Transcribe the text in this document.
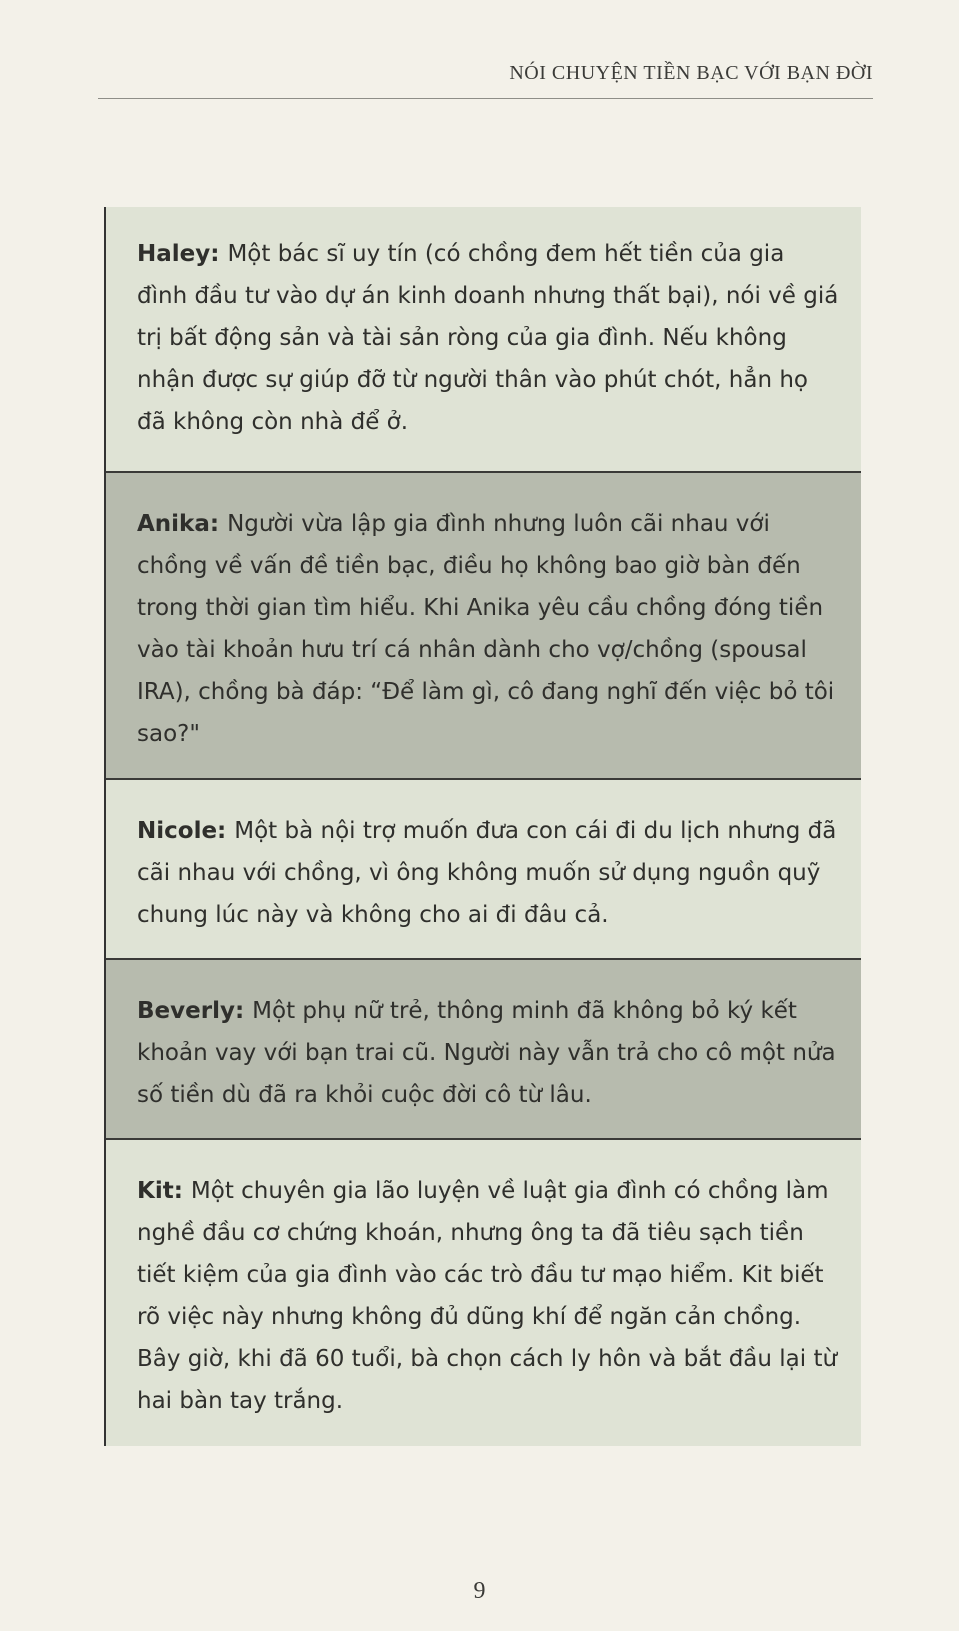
NÓI CHUYỆN TIỀN BẠC VỚI BẠN ĐỜI
Haley: Một bác sĩ uy tín (có chồng đem hết tiền của gia đình đầu tư vào dự án kinh doanh nhưng thất bại), nói về giá trị bất động sản và tài sản ròng của gia đình. Nếu không nhận được sự giúp đỡ từ người thân vào phút chót, hẳn họ đã không còn nhà để ở.
Anika: Người vừa lập gia đình nhưng luôn cãi nhau với chồng về vấn đề tiền bạc, điều họ không bao giờ bàn đến trong thời gian tìm hiểu. Khi Anika yêu cầu chồng đóng tiền vào tài khoản hưu trí cá nhân dành cho vợ/chồng (spousal IRA), chồng bà đáp: “Để làm gì, cô đang nghĩ đến việc bỏ tôi sao?"
Nicole: Một bà nội trợ muốn đưa con cái đi du lịch nhưng đã cãi nhau với chồng, vì ông không muốn sử dụng nguồn quỹ chung lúc này và không cho ai đi đâu cả.
Beverly: Một phụ nữ trẻ, thông minh đã không bỏ ký kết khoản vay với bạn trai cũ. Người này vẫn trả cho cô một nửa số tiền dù đã ra khỏi cuộc đời cô từ lâu.
Kit: Một chuyên gia lão luyện về luật gia đình có chồng làm nghề đầu cơ chứng khoán, nhưng ông ta đã tiêu sạch tiền tiết kiệm của gia đình vào các trò đầu tư mạo hiểm. Kit biết rõ việc này nhưng không đủ dũng khí để ngăn cản chồng. Bây giờ, khi đã 60 tuổi, bà chọn cách ly hôn và bắt đầu lại từ hai bàn tay trắng.
9
